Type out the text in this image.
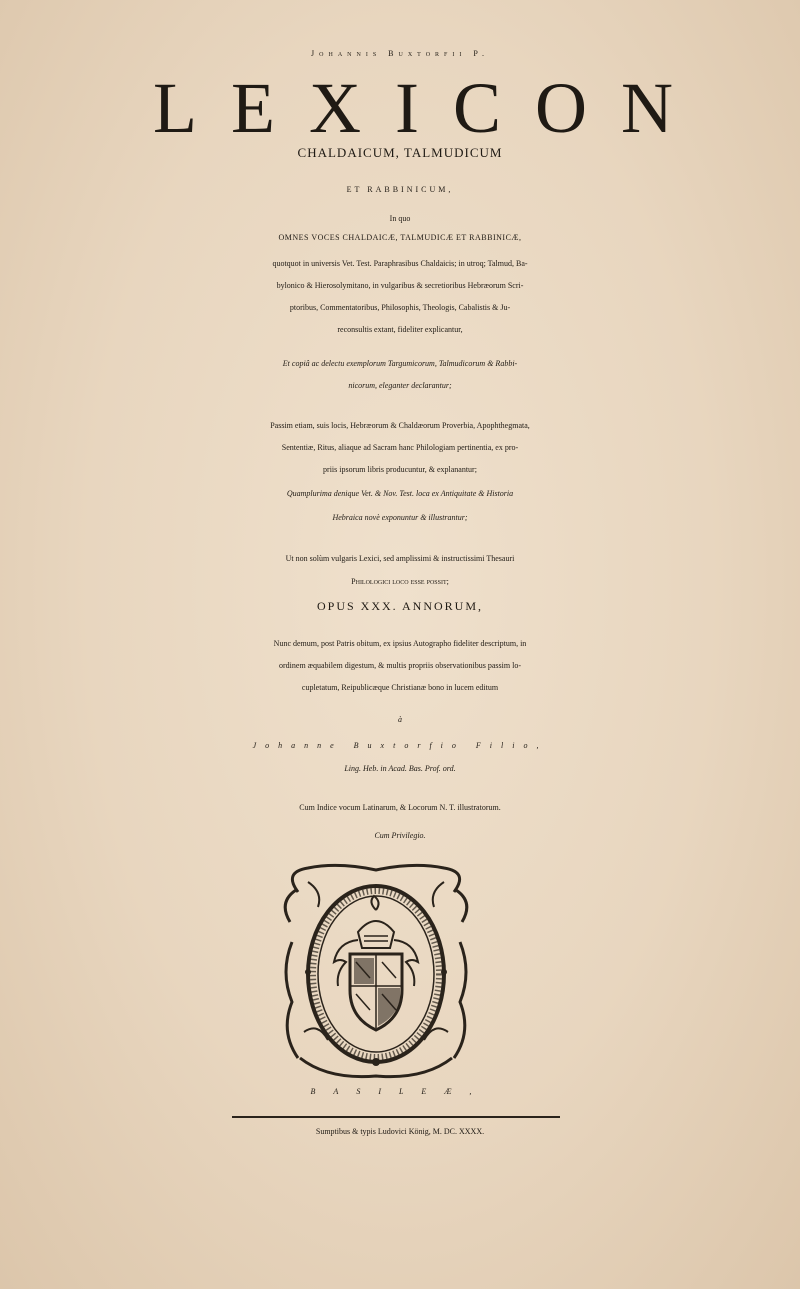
Johannis Buxtorfii P.
LEXICON
CHALDAICUM, TALMUDICUM
ET RABBINICUM,
In quo
OMNES VOCES CHALDAICÆ, TALMUDICÆ ET RABBINICÆ,
quotquot in universis Vet. Test. Paraphrasibus Chaldaicis; in utroq; Talmud, Ba-
bylonico & Hierosolymitano, in vulgaribus & secretioribus Hebræorum Scri-
ptoribus, Commentatoribus, Philosophis, Theologis, Cabalistis & Ju-
reconsultis extant, fideliter explicantur,
Et copiâ ac delectu exemplorum Targumicorum, Talmudicorum & Rabbi-
nicorum, eleganter declarantur;
Passim etiam, suis locis, Hebræorum & Chaldæorum Proverbia, Apophthegmata,
Sententiæ, Ritus, aliaque ad Sacram hanc Philologiam pertinentia, ex pro-
priis ipsorum libris producuntur, & explanantur;
Quamplurima denique Vet. & Nov. Test. loca ex Antiquitate & Historia
Hebraica novè exponuntur & illustrantur;
Ut non solùm vulgaris Lexici, sed amplissimi & instructissimi Thesauri
Philologici loco esse possit;
OPUS XXX. ANNORUM,
Nunc demum, post Patris obitum, ex ipsius Autographo fideliter descriptum, in
ordinem æquabilem digestum, & multis propriis observationibus passim lo-
cupletatum, Reipublicæque Christianæ bono in lucem editum
à
Johanne Buxtorfio Filio,
Ling. Heb. in Acad. Bas. Prof. ord.
Cum Indice vocum Latinarum, & Locorum N. T. illustratorum.
Cum Privilegio.
BASILEÆ,
Sumptibus & typis Ludovici König, M. DC. XXXX.
